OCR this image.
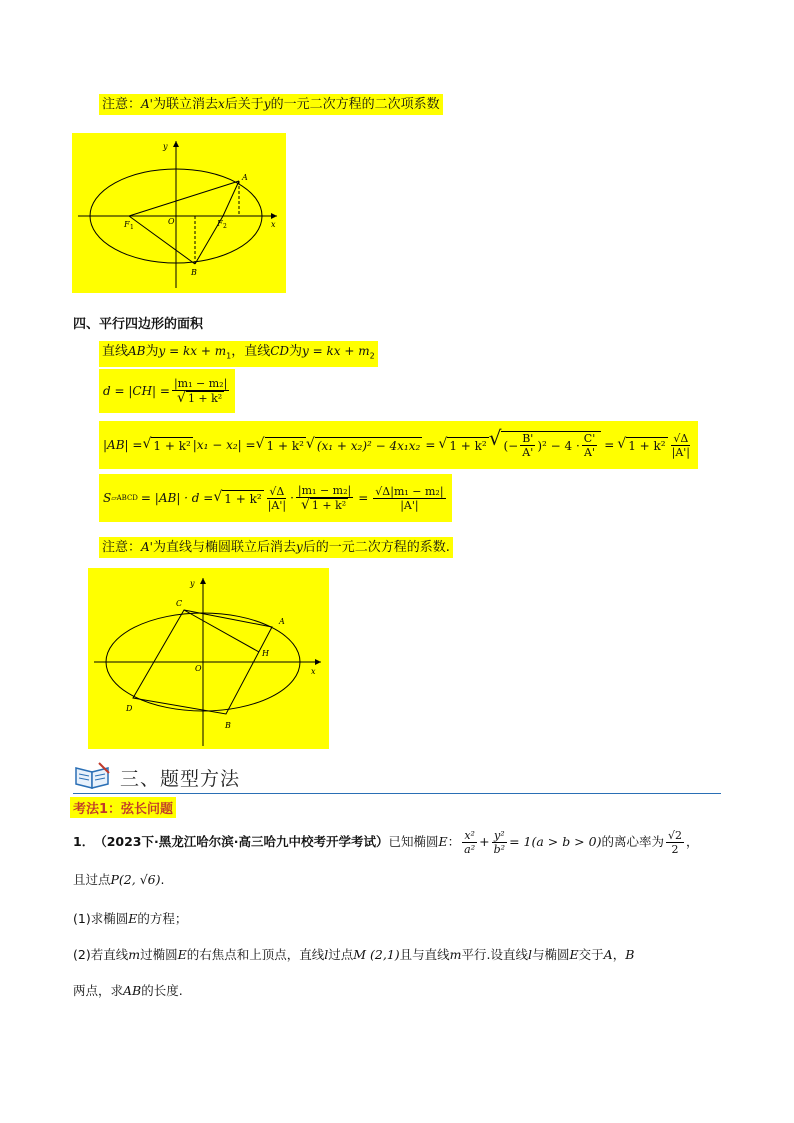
注意：A'为联立消去x后关于y的一元二次方程的二次项系数
y
x
A
F 1
O	F 2
B
四、平行四边形的面积
直线AB为y = kx + $m_1$，直线CD为y = kx + $m_2$
$d = |CH| = \frac{\text{|m₁ − m₂|}}{\text{√ 1 + k²}}$
|AB| = √ 1 + k² |x₁ − x₂| = √ 1 + k² √ (x₁ + x₂)² − 4x₁x₂ = √ 1 + k² √ (− $\frac{B'}{A'} )^2 - 4 \cdot \frac{C'}{A'}$ = √ $1 + k^2 \frac{√\Delta}{|A'|}$
S ▱ABCD = |AB| · d = √ $1 + k^2 \frac{√\Delta}{|A'|} \cdot \frac{\text{|m₁ − m₂|}}{\text{√ 1 + k²}} = \frac{\text{√Δ|m₁ − m₂|}}{|A'|}$
注意：A'为直线与椭圆联立后消去y后的一元二次方程的系数.
y
x
C
A
H
O
D
B
三、题型方法
考法1：弦长问题
1． （2023下·黑龙江哈尔滨·高三哈九中校考开学考试） 已知椭圆 E ： $\frac{\text{x²}}{\text{a²}} + \frac{\text{y²}}{\text{b²}} = 1(a > b > 0)$ 的离心率为 $\frac{√2}{2}$ ，
且过点P(2, √6).
(1)求椭圆E的方程；
(2)若直线m过椭圆E的右焦点和上顶点，直线l过点M (2,1)且与直线m平行.设直线l与椭圆E交于A，B
两点，求AB的长度.
